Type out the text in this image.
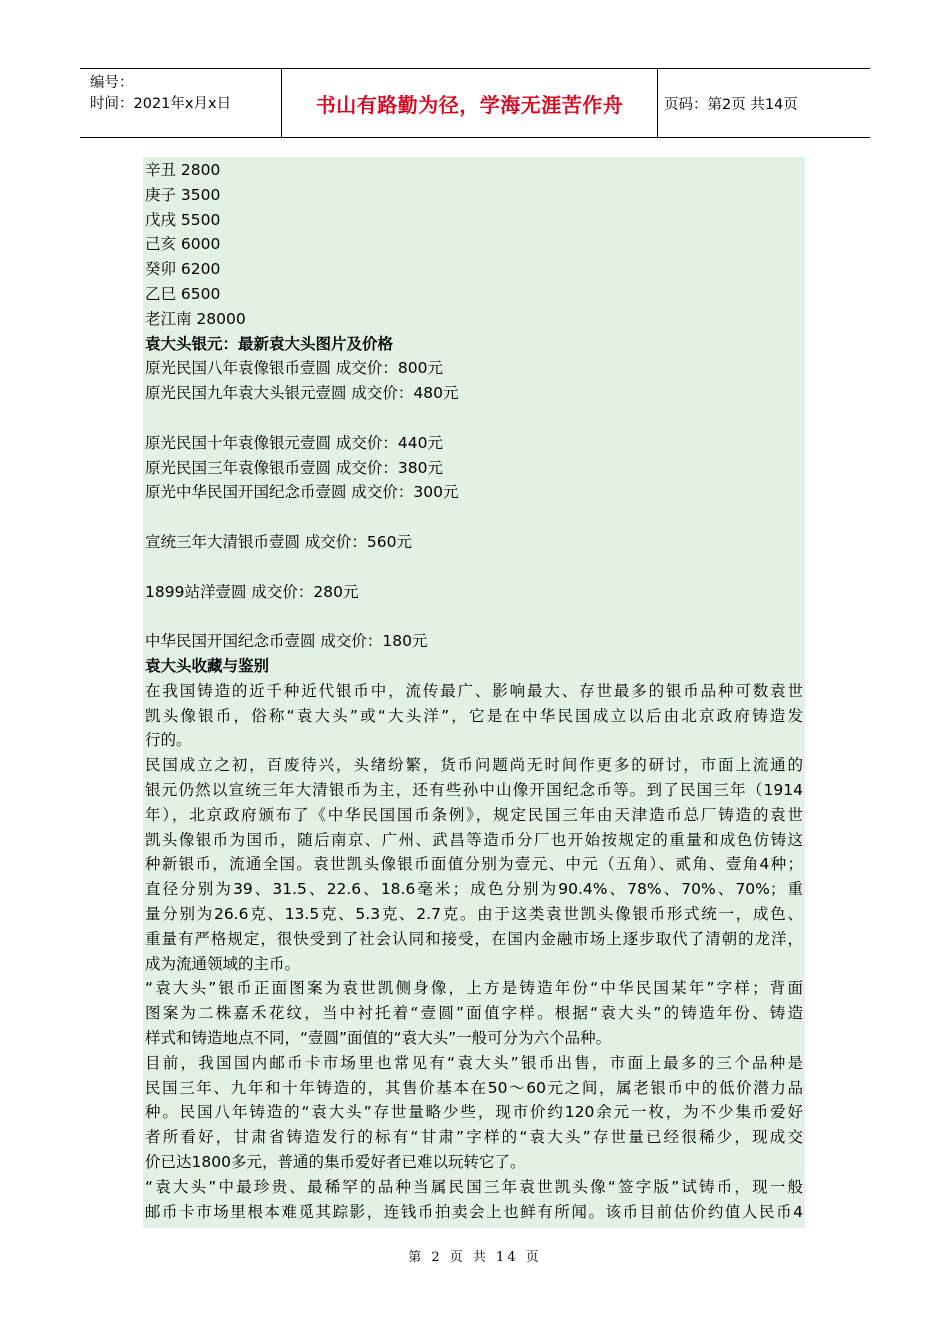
编号：
时间：2021年x月x日	书山有路勤为径，学海无涯苦作舟	页码：第2页 共14页
辛丑 2800
庚子 3500
戊戌 5500
己亥 6000
癸卯 6200
乙巳 6500
老江南 28000
袁大头银元：最新袁大头图片及价格
原光民国八年袁像银币壹圆 成交价：800元
原光民国九年袁大头银元壹圆 成交价：480元
原光民国十年袁像银元壹圆 成交价：440元
原光民国三年袁像银币壹圆 成交价：380元
原光中华民国开国纪念币壹圆 成交价：300元
宣统三年大清银币壹圆 成交价：560元
1899站洋壹圆 成交价：280元
中华民国开国纪念币壹圆 成交价：180元
袁大头收藏与鉴别
在我国铸造的近千种近代银币中，流传最广、影响最大、存世最多的银币品种可数袁世
凯头像银币，俗称“袁大头”或“大头洋”，它是在中华民国成立以后由北京政府铸造发
行的。
民国成立之初，百废待兴，头绪纷繁，货币问题尚无时间作更多的研讨，市面上流通的
银元仍然以宣统三年大清银币为主，还有些孙中山像开国纪念币等。到了民国三年（1914
年），北京政府颁布了《中华民国国币条例》，规定民国三年由天津造币总厂铸造的袁世
凯头像银币为国币，随后南京、广州、武昌等造币分厂也开始按规定的重量和成色仿铸这
种新银币，流通全国。袁世凯头像银币面值分别为壹元、中元（五角）、贰角、壹角4种；
直径分别为39、31.5、22.6、18.6毫米；成色分别为90.4%、78%、70%、70%；重
量分别为26.6克、13.5克、5.3克、2.7克。由于这类袁世凯头像银币形式统一，成色、
重量有严格规定，很快受到了社会认同和接受，在国内金融市场上逐步取代了清朝的龙洋，
成为流通领域的主币。
“袁大头”银币正面图案为袁世凯侧身像，上方是铸造年份“中华民国某年”字样；背面
图案为二株嘉禾花纹，当中衬托着“壹圆”面值字样。根据“袁大头”的铸造年份、铸造
样式和铸造地点不同，“壹圆”面值的“袁大头”一般可分为六个品种。
目前，我国国内邮币卡市场里也常见有“袁大头”银币出售，市面上最多的三个品种是
民国三年、九年和十年铸造的，其售价基本在50～60元之间，属老银币中的低价潜力品
种。民国八年铸造的“袁大头”存世量略少些，现市价约120余元一枚，为不少集币爱好
者所看好，甘肃省铸造发行的标有“甘肃”字样的“袁大头”存世量已经很稀少，现成交
价已达1800多元，普通的集币爱好者已难以玩转它了。
“袁大头”中最珍贵、最稀罕的品种当属民国三年袁世凯头像“签字版”试铸币，现一般
邮币卡市场里根本难觅其踪影，连钱币拍卖会上也鲜有所闻。该币目前估价约值人民币4
第 2 页 共 14 页
